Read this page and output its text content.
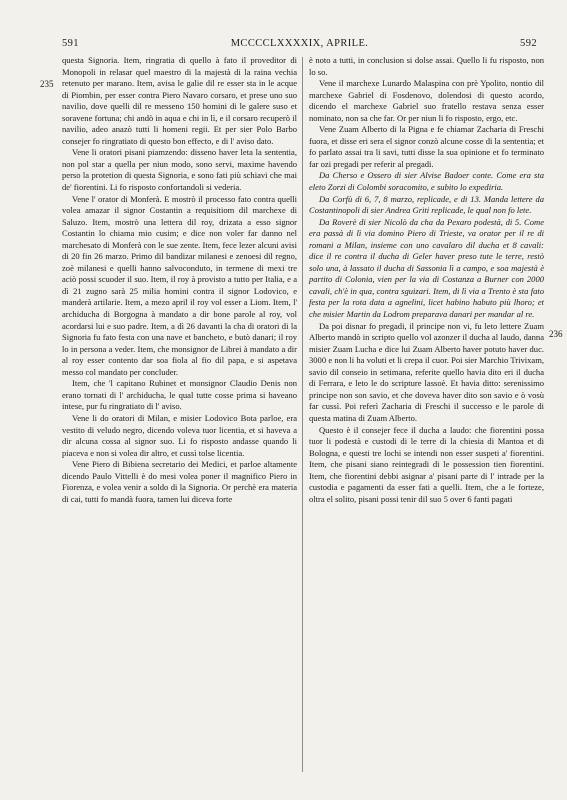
591	MCCCCLXXXXIX, APRILE.	592
235
236

questa Signoria. Item, ringratia di quello à fato il proveditor di Monopoli in relasar quel maestro di la majestà di la raina vechia retenuto per marano. Item, avisa le galie dil re esser sta in le acque di Piombin, per esser contra Piero Navaro corsaro, et prese uno suo navilio, dove quelli dil re messeno 150 homini di le galere suso et soravene fortuna; chi andò in aqua e chi in lì, e il corsaro recuperò il navilio, adeo anazò tutti li homeni regii. Et per sier Polo Barbo consejer fo ringratiato di questo bon effecto, e di l' aviso dato.

Vene li oratori pisani piamzendo: disseno haver leta la sententia, non pol star a quella per niun modo, sono servi, maxime havendo perso la protetion di questa Signoria, e sono fati più schiavi che mai de' fiorentini. Li fo risposto confortandoli si vederia.

Vene l' orator di Monferà. E mostrò il processo fato contra quelli volea amazar il signor Costantin a requisitiom dil marchexe di Saluzo. Item, mostrò una lettera dil roy, drizata a esso signor Costantin lo chiama mio cusim; e dice non voler far danno nel marchesato di Monferà con le sue zente. Item, fece lezer alcuni avisi di 20 fin 26 marzo. Primo dil bandizar milanesi e zenoesi dil regno, zoè milanesi e quelli hanno salvoconduto, in termene di mexi tre aciò possi scuoder il suo. Item, il roy à provisto a tutto per Italia, e a dì 21 zugno sarà 25 milia homini contra il signor Lodovico, e manderà artilarie. Item, a mezo april il roy vol esser a Liom. Item, l' archiducha di Borgogna à mandato a dir bone parole al roy, vol acordarsi lui e suo padre. Item, a dì 26 davanti la cha di oratori di la Signoria fu fato festa con una nave et bancheto, e butò danari; il roy lo in persona a veder. Item, che monsignor de Librei à mandato a dir al roy esser contento dar soa fiola al fio dil papa, e si aspetava messo col mandato per concluder.

Item, che 'l capitano Rubinet et monsignor Claudio Denis non erano tornati di l' archiducha, le qual tutte cosse prima si haveano intese, pur fu ringratiato di l' aviso.

Vene li do oratori di Milan, e misier Lodovico Bota parloe, era vestito di veludo negro, dicendo voleva tuor licentia, et si haveva a dir alcuna cossa al signor suo. Li fo risposto andasse quando li piaceva e non si volea dir altro, et cussì tolse licentia.

Vene Piero di Bibiena secretario dei Medici, et parloe altamente dicendo Paulo Vittelli è do mesi volea poner il magnifico Piero in Fiorenza, e volea venir a soldo di la Signoria. Or perchè era materia di cai, tutti fo mandà fuora, tamen lui diceva forte

è noto a tutti, in conclusion si dolse assai. Quello li fu risposto, non lo so.

Vene il marchexe Lunardo Malaspina con prè Ypolito, nontio dil marchexe Gabriel di Fosdenovo, dolendosi di questo acordo, dicendo el marchexe Gabriel suo fratello restava senza esser nominato, non sa che far. Or per niun li fo risposto, ergo, etc.

Vene Zuam Alberto di la Pigna e fe chiamar Zacharia di Freschi fuora, et disse eri sera el signor conzò alcune cosse di la sententia; et fo parlato assai tra li savi, tutti disse la sua opinione et fo terminato far ozi pregadi per referir al pregadi.

Da Cherso e Ossero di sier Alvise Badoer conte. Come era sta eleto Zorzi di Colombi soracomito, e subito lo expediria.

Da Corfù di 6, 7, 8 marzo, replicade, e di 13. Manda lettere da Costantinopoli di sier Andrea Griti replicade, le qual non fo lete.

Da Roverè di sier Nicolò da cha da Pexaro podestà, di 5. Come era passà di lì via domino Piero di Trieste, va orator per il re di romani a Milan, insieme con uno cavalaro dil ducha et 8 cavali: dice il re contra il ducha di Geler haver preso tute le terre, restò solo una, à lassato il ducha di Sassonia lì a campo, e soa majestà è partito di Colonia, vien per la via di Costanza a Burner con 2000 cavali, ch'è in qua, contra sguizari. Item, di lì via a Trento è sta fato festa per la rota data a agnelini, licet habino habuto più lhoro; et che misier Martin da Lodrom preparava danari per mandar al re.

Da poi disnar fo pregadi, il principe non vi, fu leto lettere Zuam Alberto mandò in scripto quello vol azonzer il ducha al laudo, danna misier Zuam Lucha e dice lui Zuam Alberto haver potuto haver duc. 3000 e non li ha voluti et li crepa il cuor. Poi sier Marchio Trivixam, savio dil conseio in setimana, referite quello havia dito eri il ducha di Ferrara, e leto le do scripture lassoè. Et havia ditto: serenissimo principe non son savio, et che doveva haver dito son savio e ò vosù far cussì. Poi referì Zacharia di Freschi il successo e le parole di questa matina di Zuam Alberto.

Questo è il consejer fece il ducha a laudo: che fiorentini possa tuor li podestà e custodi di le terre di la chiesia di Mantoa et di Bologna, e questi tre lochi se intendi non esser suspeti a' fiorentini. Item, che pisani siano reintegradi di le possession tien fiorentini. Item, che fiorentini debbi asignar a' pisani parte di l' intrade per la custodia e pagamenti da esser fati a quelli. Item, che a le forteze, oltra el solito, pisani possi tenir dil suo 5 over 6 fanti pagati
